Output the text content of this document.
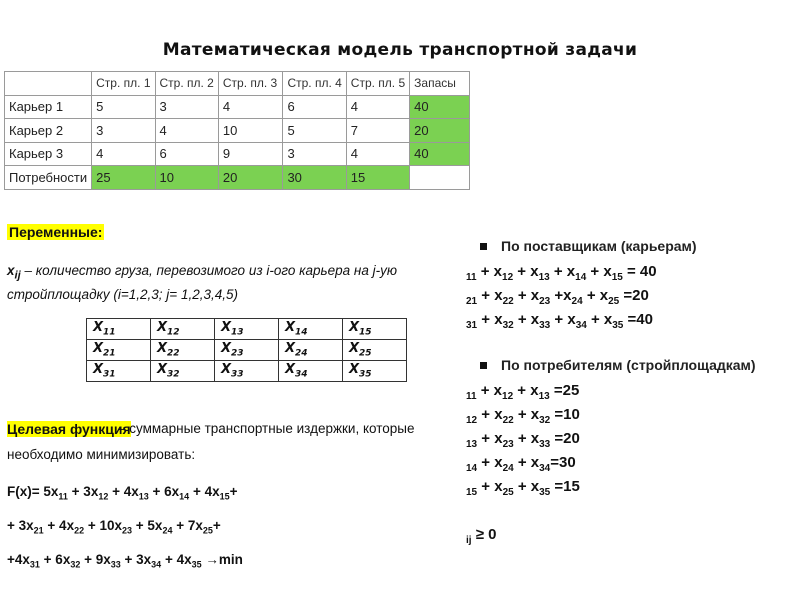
Математическая модель транспортной задачи
	Стр. пл. 1	Стр. пл. 2	Стр. пл. 3	Стр. пл. 4	Стр. пл. 5	Запасы
Карьер 1	5	3	4	6	4	40
Карьер 2	3	4	10	5	7	20
Карьер 3	4	6	9	3	4	40
Потребности	25	10	20	30	15	
Переменные:
$x_{ij}$ – количество груза, перевозимого из i-ого карьера на j-ую
стройплощадку (i=1,2,3; j= 1,2,3,4,5)
$X_{11}$	$X_{12}$	$X_{13}$	$X_{14}$	$X_{15}$
$X_{21}$	$X_{22}$	$X_{23}$	$X_{24}$	$X_{25}$
$X_{31}$	$X_{32}$	$X_{33}$	$X_{34}$	$X_{35}$
Целевая функция
– суммарные транспортные издержки, которые
необходимо минимизировать:
$F(x)= 5x_{11} + 3x_{12} + 4x_{13} + 6x_{14} + 4x_{15}+$
+ $3x_{21} + 4x_{22} + 10x_{23} + 5x_{24} + 7x_{25}+$
$+4x_{31} + 6x_{32} + 9x_{33} + 3x_{34} + 4x_{35} \to\min$
По поставщикам (карьерам)
$_{11} + x_{12} + x_{13} + x_{14} + x_{15} = 40$
$_{21} + x_{22} + x_{23} +x_{24} + x_{25} =20$
$_{31} + x_{32} + x_{33} + x_{34} + x_{35} =40$
По потребителям (стройплощадкам)
$_{11} + x_{12} + x_{13} =25$
$_{12} + x_{22} + x_{32} =10$
$_{13} + x_{23} + x_{33} =20$
$_{14} + x_{24} + x_{34}=30$
$_{15} + x_{25} + x_{35} =15$
$_{ij}$ ≥ 0
